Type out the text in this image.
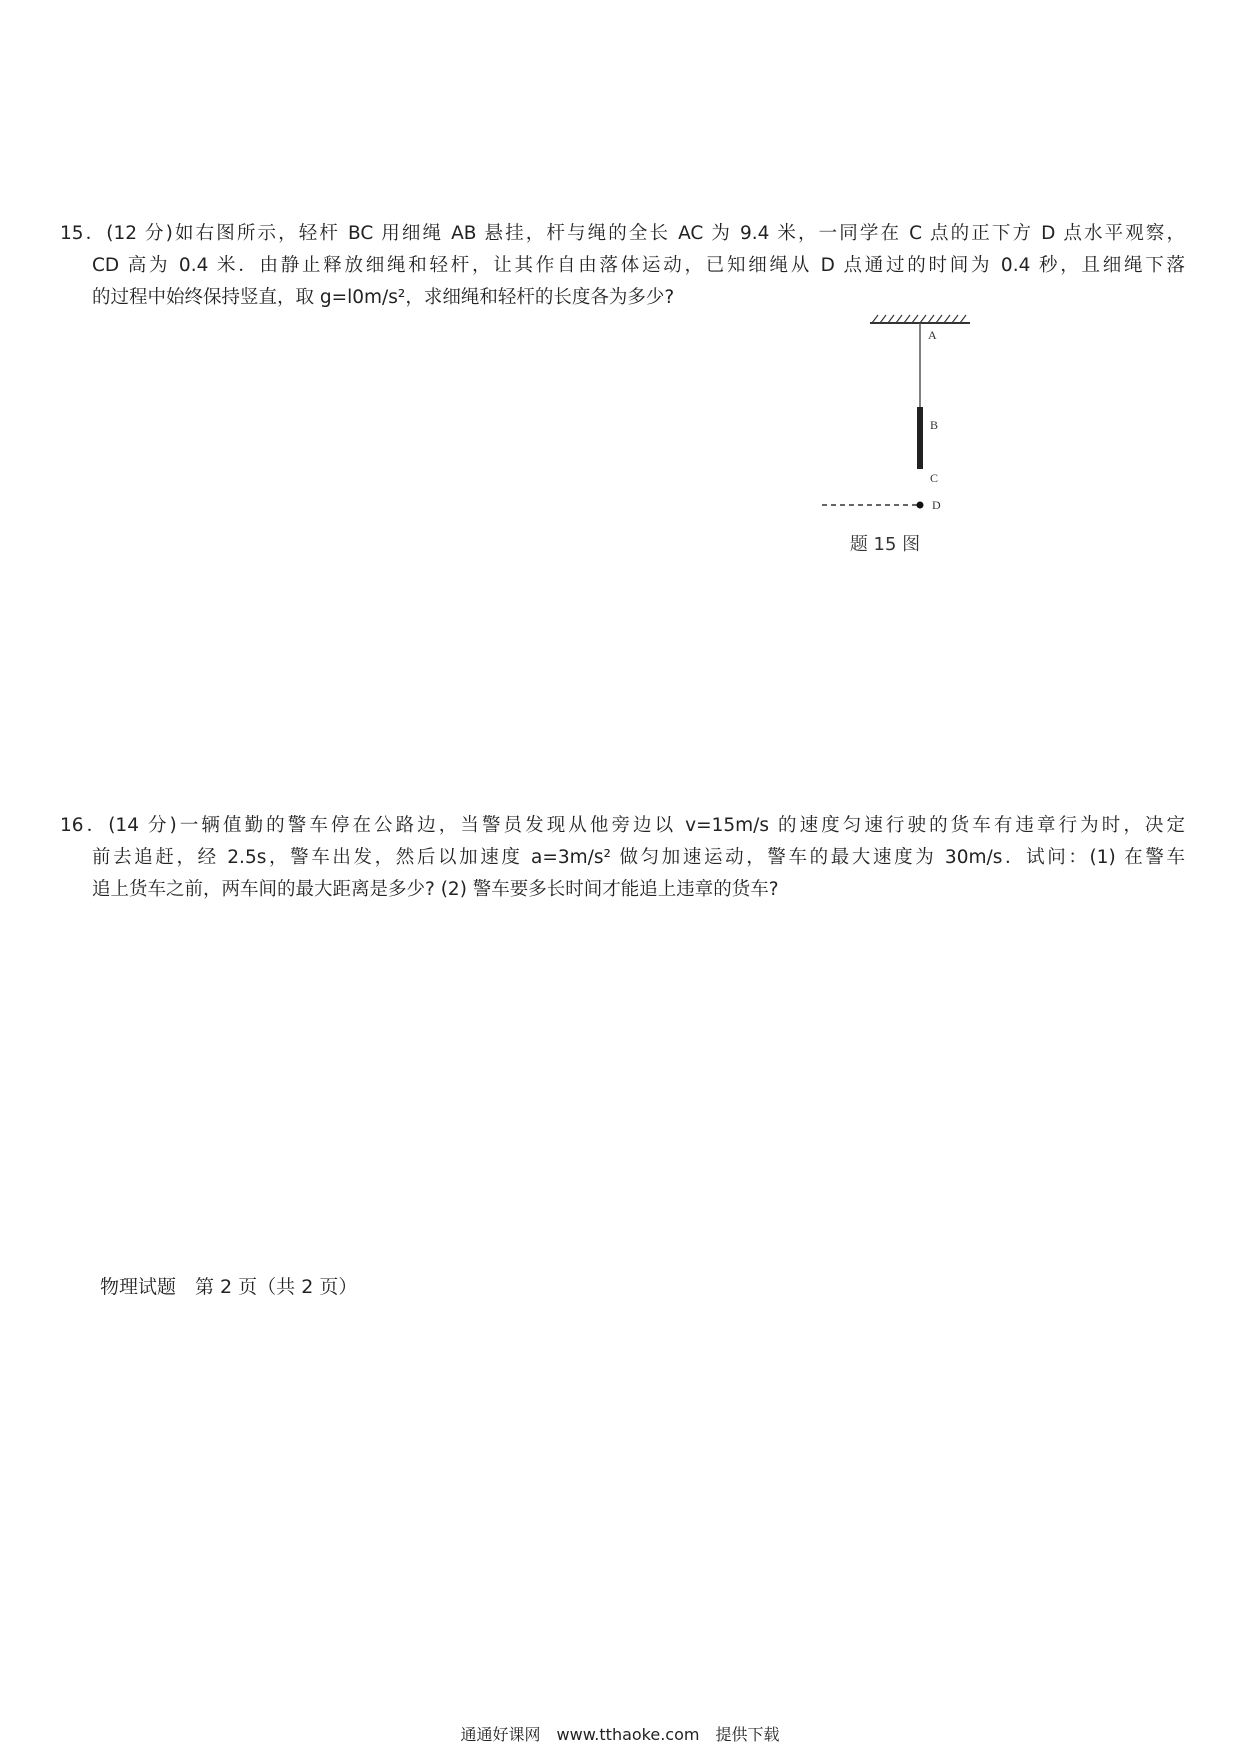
15．(12 分)如右图所示，轻杆 BC 用细绳 AB 悬挂，杆与绳的全长 AC 为 9.4 米，一同学在 C 点的正下方 D 点水平观察，
CD 高为 0.4 米．由静止释放细绳和轻杆，让其作自由落体运动，已知细绳从 D 点通过的时间为 0.4 秒，且细绳下落
的过程中始终保持竖直，取 g=l0m/s²，求细绳和轻杆的长度各为多少?
A
B
C
D
题 15 图
16．(14 分)一辆值勤的警车停在公路边，当警员发现从他旁边以 v=15m/s 的速度匀速行驶的货车有违章行为时，决定
前去追赶，经 2.5s，警车出发，然后以加速度 a=3m/s² 做匀加速运动，警车的最大速度为 30m/s．试问：(1) 在警车
追上货车之前，两车间的最大距离是多少? (2) 警车要多长时间才能追上违章的货车?
物理试题　第 2 页（共 2 页）
通通好课网　www.tthaoke.com　提供下载
